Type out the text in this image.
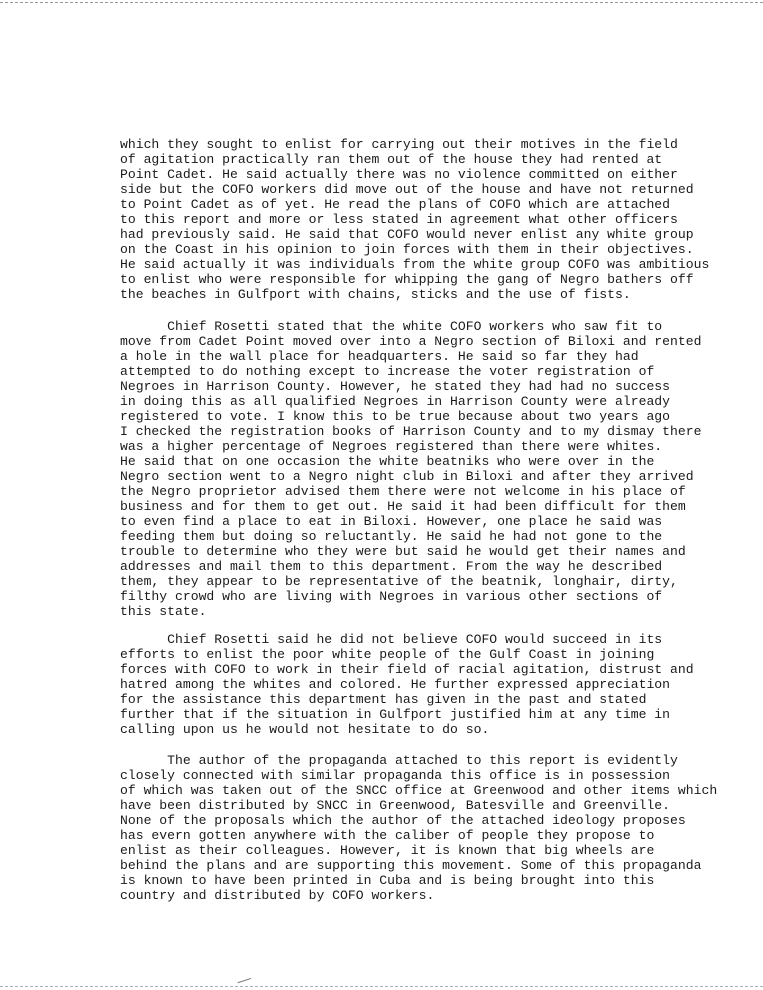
which they sought to enlist for carrying out their motives in the field
of agitation practically ran them out of the house they had rented at
Point Cadet. He said actually there was no violence committed on either
side but the COFO workers did move out of the house and have not returned
to Point Cadet as of yet. He read the plans of COFO which are attached
to this report and more or less stated in agreement what other officers
had previously said. He said that COFO would never enlist any white group
on the Coast in his opinion to join forces with them in their objectives.
He said actually it was individuals from the white group COFO was ambitious
to enlist who were responsible for whipping the gang of Negro bathers off
the beaches in Gulfport with chains, sticks and the use of fists.

Chief Rosetti stated that the white COFO workers who saw fit to
move from Cadet Point moved over into a Negro section of Biloxi and rented
a hole in the wall place for headquarters. He said so far they had
attempted to do nothing except to increase the voter registration of
Negroes in Harrison County. However, he stated they had had no success
in doing this as all qualified Negroes in Harrison County were already
registered to vote. I know this to be true because about two years ago
I checked the registration books of Harrison County and to my dismay there
was a higher percentage of Negroes registered than there were whites.
He said that on one occasion the white beatniks who were over in the
Negro section went to a Negro night club in Biloxi and after they arrived
the Negro proprietor advised them there were not welcome in his place of
business and for them to get out. He said it had been difficult for them
to even find a place to eat in Biloxi. However, one place he said was
feeding them but doing so reluctantly. He said he had not gone to the
trouble to determine who they were but said he would get their names and
addresses and mail them to this department. From the way he described
them, they appear to be representative of the beatnik, longhair, dirty,
filthy crowd who are living with Negroes in various other sections of
this state.

Chief Rosetti said he did not believe COFO would succeed in its
efforts to enlist the poor white people of the Gulf Coast in joining
forces with COFO to work in their field of racial agitation, distrust and
hatred among the whites and colored. He further expressed appreciation
for the assistance this department has given in the past and stated
further that if the situation in Gulfport justified him at any time in
calling upon us he would not hesitate to do so.

The author of the propaganda attached to this report is evidently
closely connected with similar propaganda this office is in possession
of which was taken out of the SNCC office at Greenwood and other items which
have been distributed by SNCC in Greenwood, Batesville and Greenville.
None of the proposals which the author of the attached ideology proposes
has evern gotten anywhere with the caliber of people they propose to
enlist as their colleagues. However, it is known that big wheels are
behind the plans and are supporting this movement. Some of this propaganda
is known to have been printed in Cuba and is being brought into this
country and distributed by COFO workers.
